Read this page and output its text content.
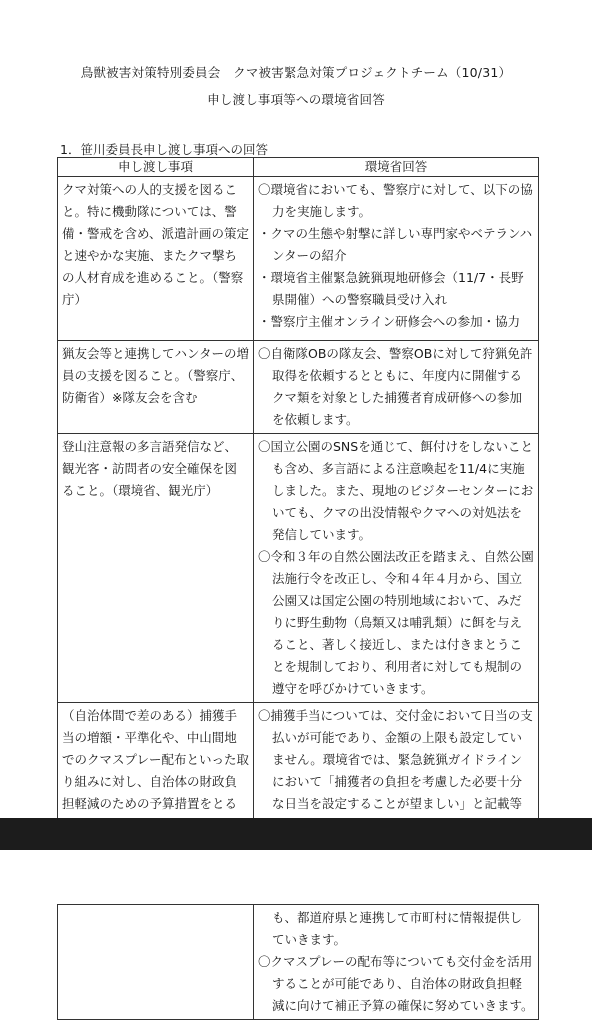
鳥獣被害対策特別委員会　クマ被害緊急対策プロジェクトチーム（10/31）
申し渡し事項等への環境省回答
1．笹川委員長申し渡し事項への回答
申し渡し事項	環境省回答
クマ対策への人的支援を図ること。特に機動隊については、警備・警戒を含め、派遣計画の策定と速やかな実施、またクマ撃ちの人材育成を進めること。（警察庁）	〇環境省においても、警察庁に対して、以下の協力を実施します。
・クマの生態や射撃に詳しい専門家やベテランハンターの紹介
・環境省主催緊急銃猟現地研修会（11/7・長野県開催）への警察職員受け入れ
・警察庁主催オンライン研修会への参加・協力

猟友会等と連携してハンターの増員の支援を図ること。（警察庁、防衛省）※隊友会を含む	〇自衛隊OBの隊友会、警察OBに対して狩猟免許取得を依頼するとともに、年度内に開催するクマ類を対象とした捕獲者育成研修への参加を依頼します。

登山注意報の多言語発信など、観光客・訪問者の安全確保を図ること。（環境省、観光庁）	〇国立公園のSNSを通じて、餌付けをしないことも含め、多言語による注意喚起を11/4に実施しました。また、現地のビジターセンターにおいても、クマの出没情報やクマへの対処法を発信しています。
〇令和３年の自然公園法改正を踏まえ、自然公園法施行令を改正し、令和４年４月から、国立公園又は国定公園の特別地域において、みだりに野生動物（鳥類又は哺乳類）に餌を与えること、著しく接近し、または付きまとうことを規制しており、利用者に対しても規制の遵守を呼びかけていきます。

（自治体間で差のある）捕獲手当の増額・平準化や、中山間地でのクマスプレー配布といった取り組みに対し、自治体の財政負担軽減のための予算措置をとる	〇捕獲手当については、交付金において日当の支払いが可能であり、金額の上限も設定していません。環境省では、緊急銃猟ガイドラインにおいて「捕獲者の負担を考慮した必要十分な日当を設定することが望ましい」と記載等

も、都道府県と連携して市町村に情報提供していきます。
〇クマスプレーの配布等についても交付金を活用することが可能であり、自治体の財政負担軽減に向けて補正予算の確保に努めていきます。
